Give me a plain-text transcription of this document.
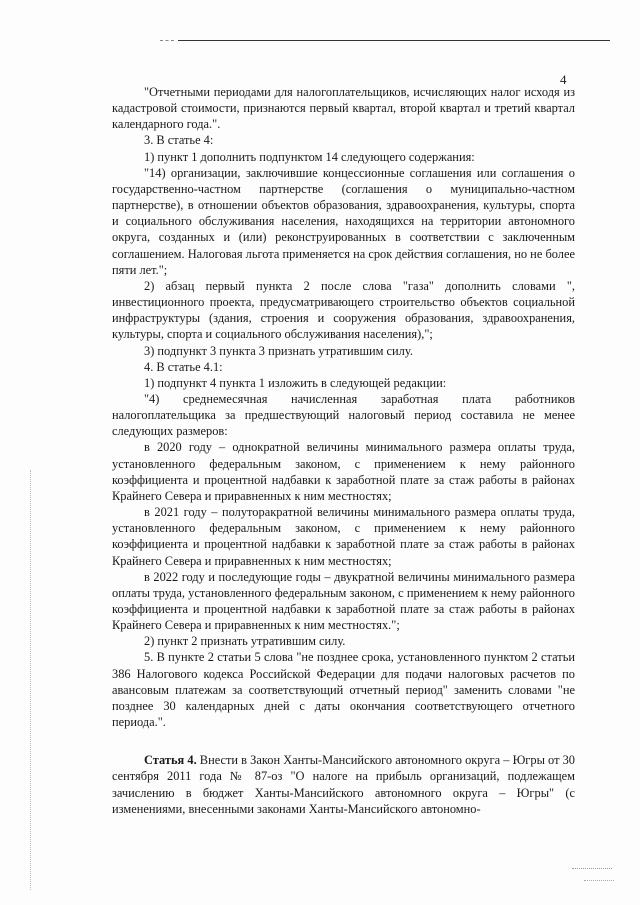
4

"Отчетными периодами для налогоплательщиков, исчисляющих налог исходя из кадастровой стоимости, признаются первый квартал, второй квартал и третий квартал календарного года.".

3. В статье 4:

1) пункт 1 дополнить подпунктом 14 следующего содержания:

"14) организации, заключившие концессионные соглашения или соглашения о государственно-частном партнерстве (соглашения о муниципально-частном партнерстве), в отношении объектов образования, здравоохранения, культуры, спорта и социального обслуживания населения, находящихся на территории автономного округа, созданных и (или) реконструированных в соответствии с заключенным соглашением. Налоговая льгота применяется на срок действия соглашения, но не более пяти лет.";

2) абзац первый пункта 2 после слова "газа" дополнить словами ", инвестиционного проекта, предусматривающего строительство объектов социальной инфраструктуры (здания, строения и сооружения образования, здравоохранения, культуры, спорта и социального обслуживания населения),";

3) подпункт 3 пункта 3 признать утратившим силу.

4. В статье 4.1:

1) подпункт 4 пункта 1 изложить в следующей редакции:

"4) среднемесячная начисленная заработная плата работников налогоплательщика за предшествующий налоговый период составила не менее следующих размеров:

в 2020 году – однократной величины минимального размера оплаты труда, установленного федеральным законом, с применением к нему районного коэффициента и процентной надбавки к заработной плате за стаж работы в районах Крайнего Севера и приравненных к ним местностях;

в 2021 году – полуторакратной величины минимального размера оплаты труда, установленного федеральным законом, с применением к нему районного коэффициента и процентной надбавки к заработной плате за стаж работы в районах Крайнего Севера и приравненных к ним местностях;

в 2022 году и последующие годы – двукратной величины минимального размера оплаты труда, установленного федеральным законом, с применением к нему районного коэффициента и процентной надбавки к заработной плате за стаж работы в районах Крайнего Севера и приравненных к ним местностях.";

2) пункт 2 признать утратившим силу.

5. В пункте 2 статьи 5 слова "не позднее срока, установленного пунктом 2 статьи 386 Налогового кодекса Российской Федерации для подачи налоговых расчетов по авансовым платежам за соответствующий отчетный период" заменить словами "не позднее 30 календарных дней с даты окончания соответствующего отчетного периода.".

Статья 4. Внести в Закон Ханты-Мансийского автономного округа – Югры от 30 сентября 2011 года № 87-оз "О налоге на прибыль организаций, подлежащем зачислению в бюджет Ханты-Мансийского автономного округа – Югры" (с изменениями, внесенными законами Ханты-Мансийского автономно-
